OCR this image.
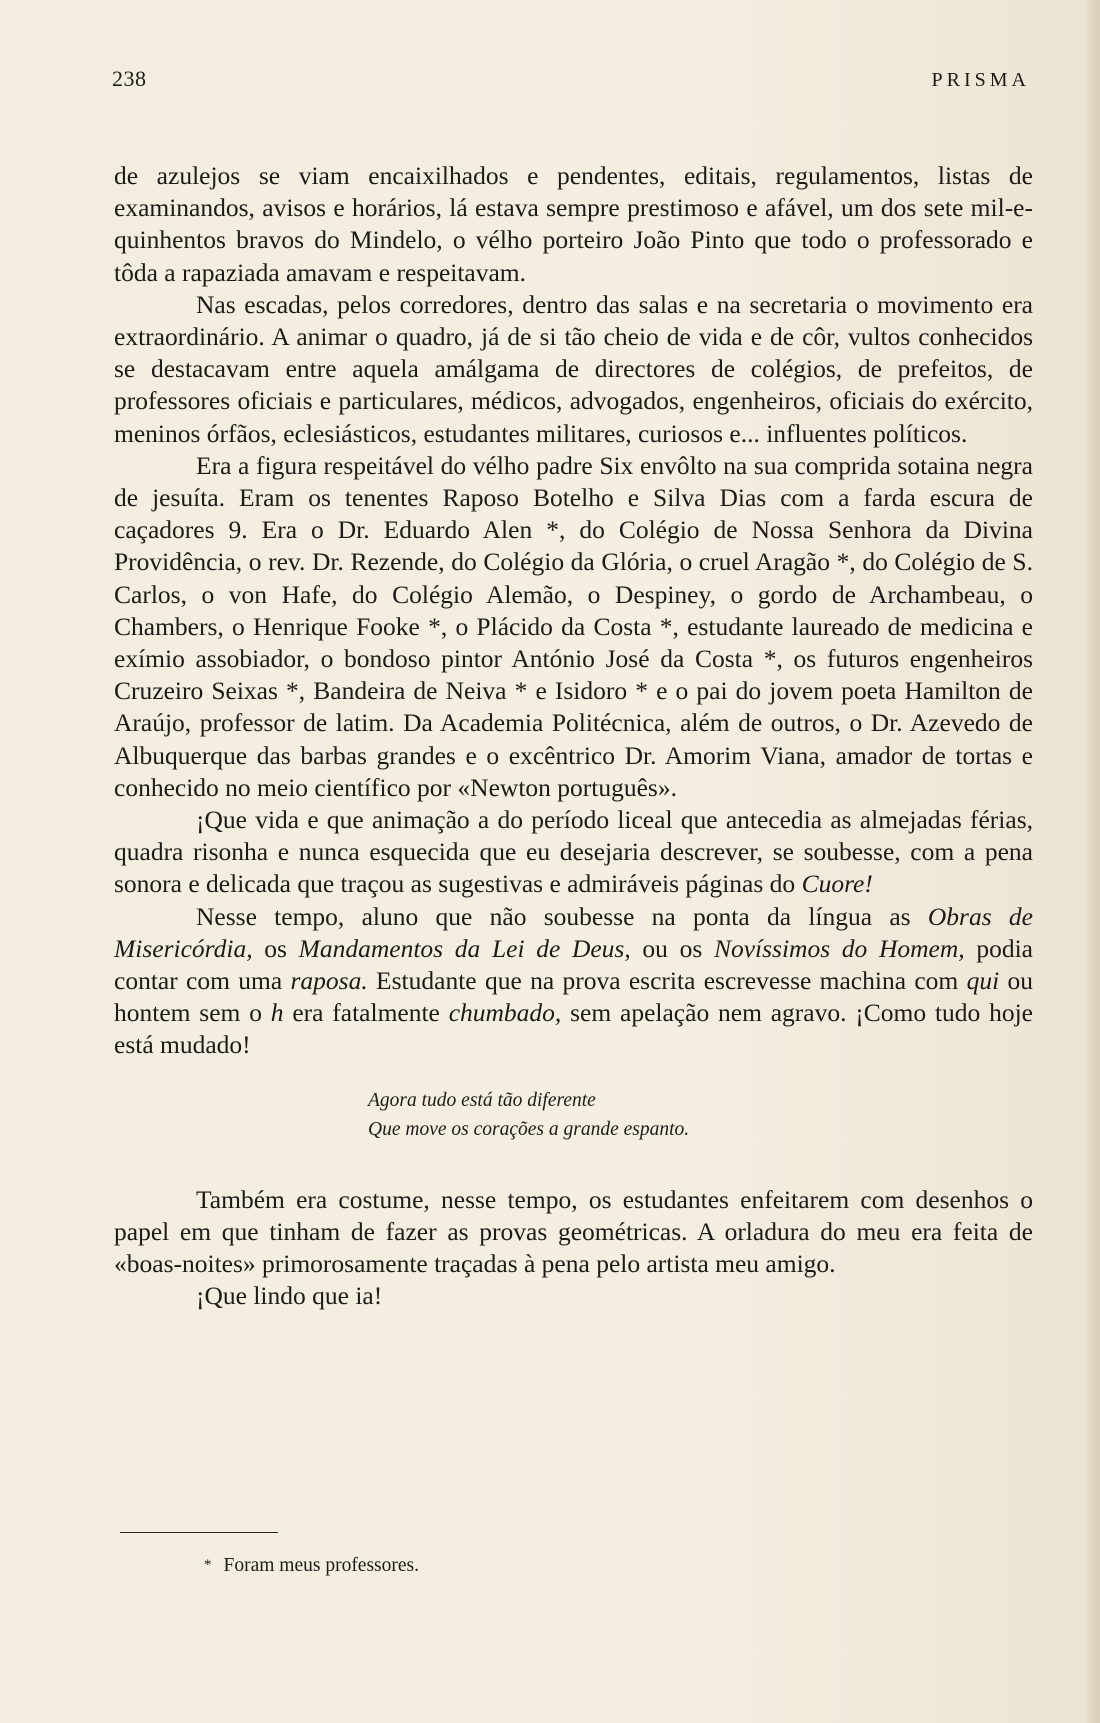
238	PRISMA

de azulejos se viam encaixilhados e pendentes, editais, regulamentos, listas de examinandos, avisos e horários, lá estava sempre prestimoso e afável, um dos sete mil-e-quinhentos bravos do Mindelo, o vélho porteiro João Pinto que todo o professorado e tôda a rapaziada amavam e respeitavam.

Nas escadas, pelos corredores, dentro das salas e na secretaria o movimento era extraordinário. A animar o quadro, já de si tão cheio de vida e de côr, vultos conhecidos se destacavam entre aquela amálgama de directores de colégios, de prefeitos, de professores oficiais e particulares, médicos, advogados, engenheiros, oficiais do exército, meninos órfãos, eclesiásticos, estudantes militares, curiosos e... influentes políticos.

Era a figura respeitável do vélho padre Six envôlto na sua comprida sotaina negra de jesuíta. Eram os tenentes Raposo Botelho e Silva Dias com a farda escura de caçadores 9. Era o Dr. Eduardo Alen *, do Colégio de Nossa Senhora da Divina Providência, o rev. Dr. Rezende, do Colégio da Glória, o cruel Aragão *, do Colégio de S. Carlos, o von Hafe, do Colégio Alemão, o Despiney, o gordo de Archambeau, o Chambers, o Henrique Fooke *, o Plácido da Costa *, estudante laureado de medicina e exímio assobiador, o bondoso pintor António José da Costa *, os futuros engenheiros Cruzeiro Seixas *, Bandeira de Neiva * e Isidoro * e o pai do jovem poeta Hamilton de Araújo, professor de latim. Da Academia Politécnica, além de outros, o Dr. Azevedo de Albuquerque das barbas grandes e o excêntrico Dr. Amorim Viana, amador de tortas e conhecido no meio científico por «Newton português».

¡Que vida e que animação a do período liceal que antecedia as almejadas férias, quadra risonha e nunca esquecida que eu desejaria descrever, se soubesse, com a pena sonora e delicada que traçou as sugestivas e admiráveis páginas do Cuore!

Nesse tempo, aluno que não soubesse na ponta da língua as Obras de Misericórdia, os Mandamentos da Lei de Deus, ou os Novíssimos do Homem, podia contar com uma raposa. Estudante que na prova escrita escrevesse machina com qui ou hontem sem o h era fatalmente chumbado, sem apelação nem agravo. ¡Como tudo hoje está mudado!

Agora tudo está tão diferente
Que move os corações a grande espanto.

Também era costume, nesse tempo, os estudantes enfeitarem com desenhos o papel em que tinham de fazer as provas geométricas. A orladura do meu era feita de «boas-noites» primorosamente traçadas à pena pelo artista meu amigo.

¡Que lindo que ia!

* Foram meus professores.
